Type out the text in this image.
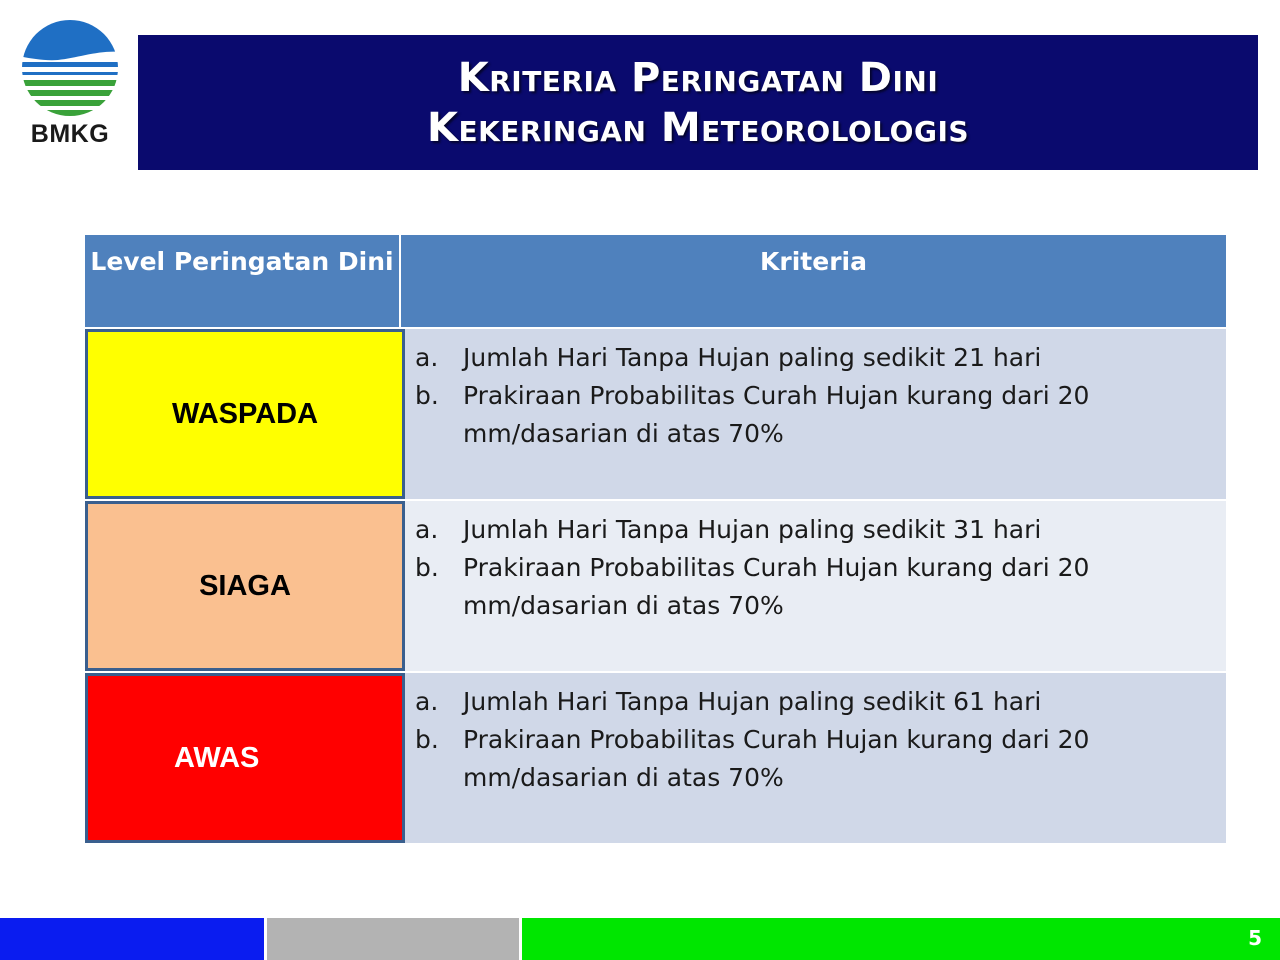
BMKG
Kriteria Peringatan Dini
Kekeringan Meteorolologis
Level Peringatan Dini	Kriteria
WASPADA
a. Jumlah Hari Tanpa Hujan paling sedikit 21 hari
b. Prakiraan Probabilitas Curah Hujan kurang dari 20 mm/dasarian di atas 70%
SIAGA
a. Jumlah Hari Tanpa Hujan paling sedikit 31 hari
b. Prakiraan Probabilitas Curah Hujan kurang dari 20 mm/dasarian di atas 70%
AWAS
a. Jumlah Hari Tanpa Hujan paling sedikit 61 hari
b. Prakiraan Probabilitas Curah Hujan kurang dari 20 mm/dasarian di atas 70%
5
